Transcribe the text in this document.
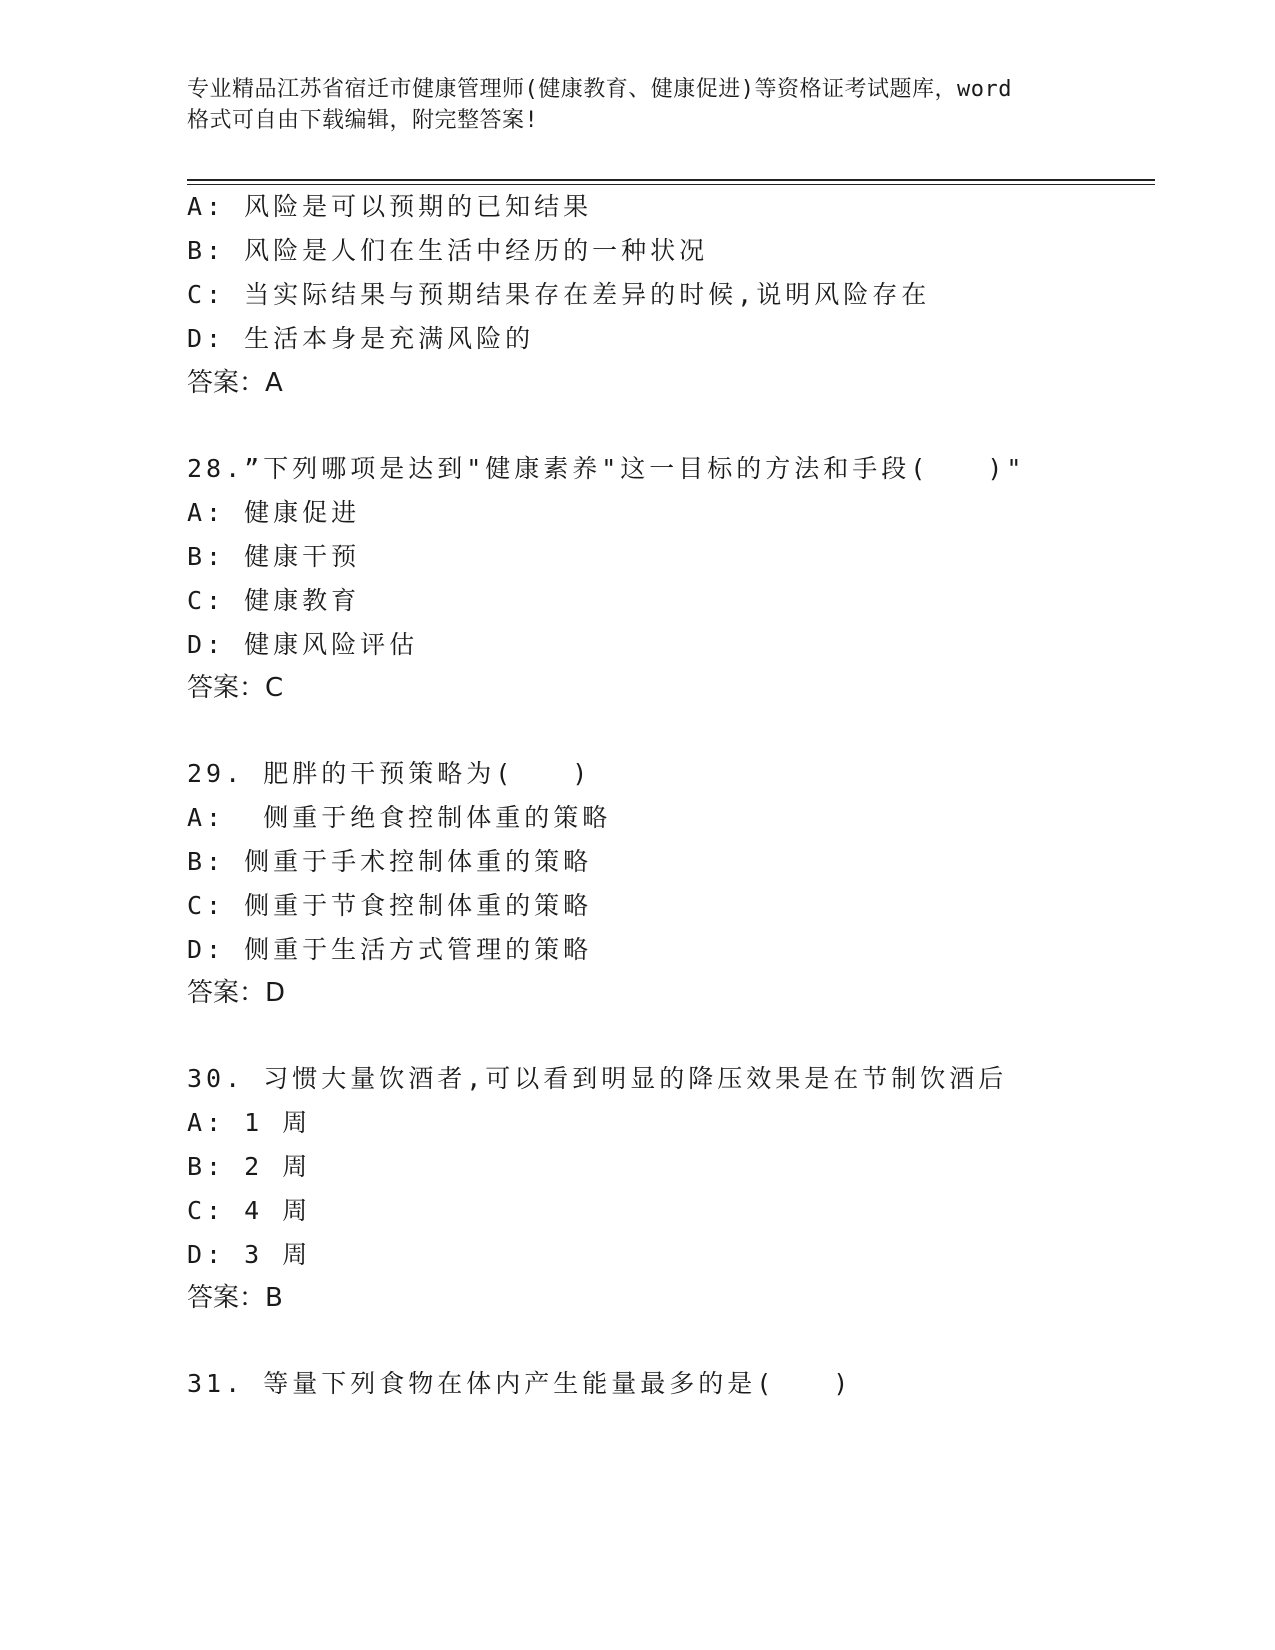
专业精品江苏省宿迁市健康管理师(健康教育、健康促进)等资格证考试题库，word
格式可自由下载编辑，附完整答案!
A: 风险是可以预期的已知结果
B: 风险是人们在生活中经历的一种状况
C: 当实际结果与预期结果存在差异的时候,说明风险存在
D: 生活本身是充满风险的
答案：A
28.”下列哪项是达到"健康素养"这一目标的方法和手段(　　)"
A: 健康促进
B: 健康干预
C: 健康教育
D: 健康风险评估
答案：C
29. 肥胖的干预策略为(　　)
A:  侧重于绝食控制体重的策略
B: 侧重于手术控制体重的策略
C: 侧重于节食控制体重的策略
D: 侧重于生活方式管理的策略
答案：D
30. 习惯大量饮酒者,可以看到明显的降压效果是在节制饮酒后
A: 1 周
B: 2 周
C: 4 周
D: 3 周
答案：B
31. 等量下列食物在体内产生能量最多的是(　　)
